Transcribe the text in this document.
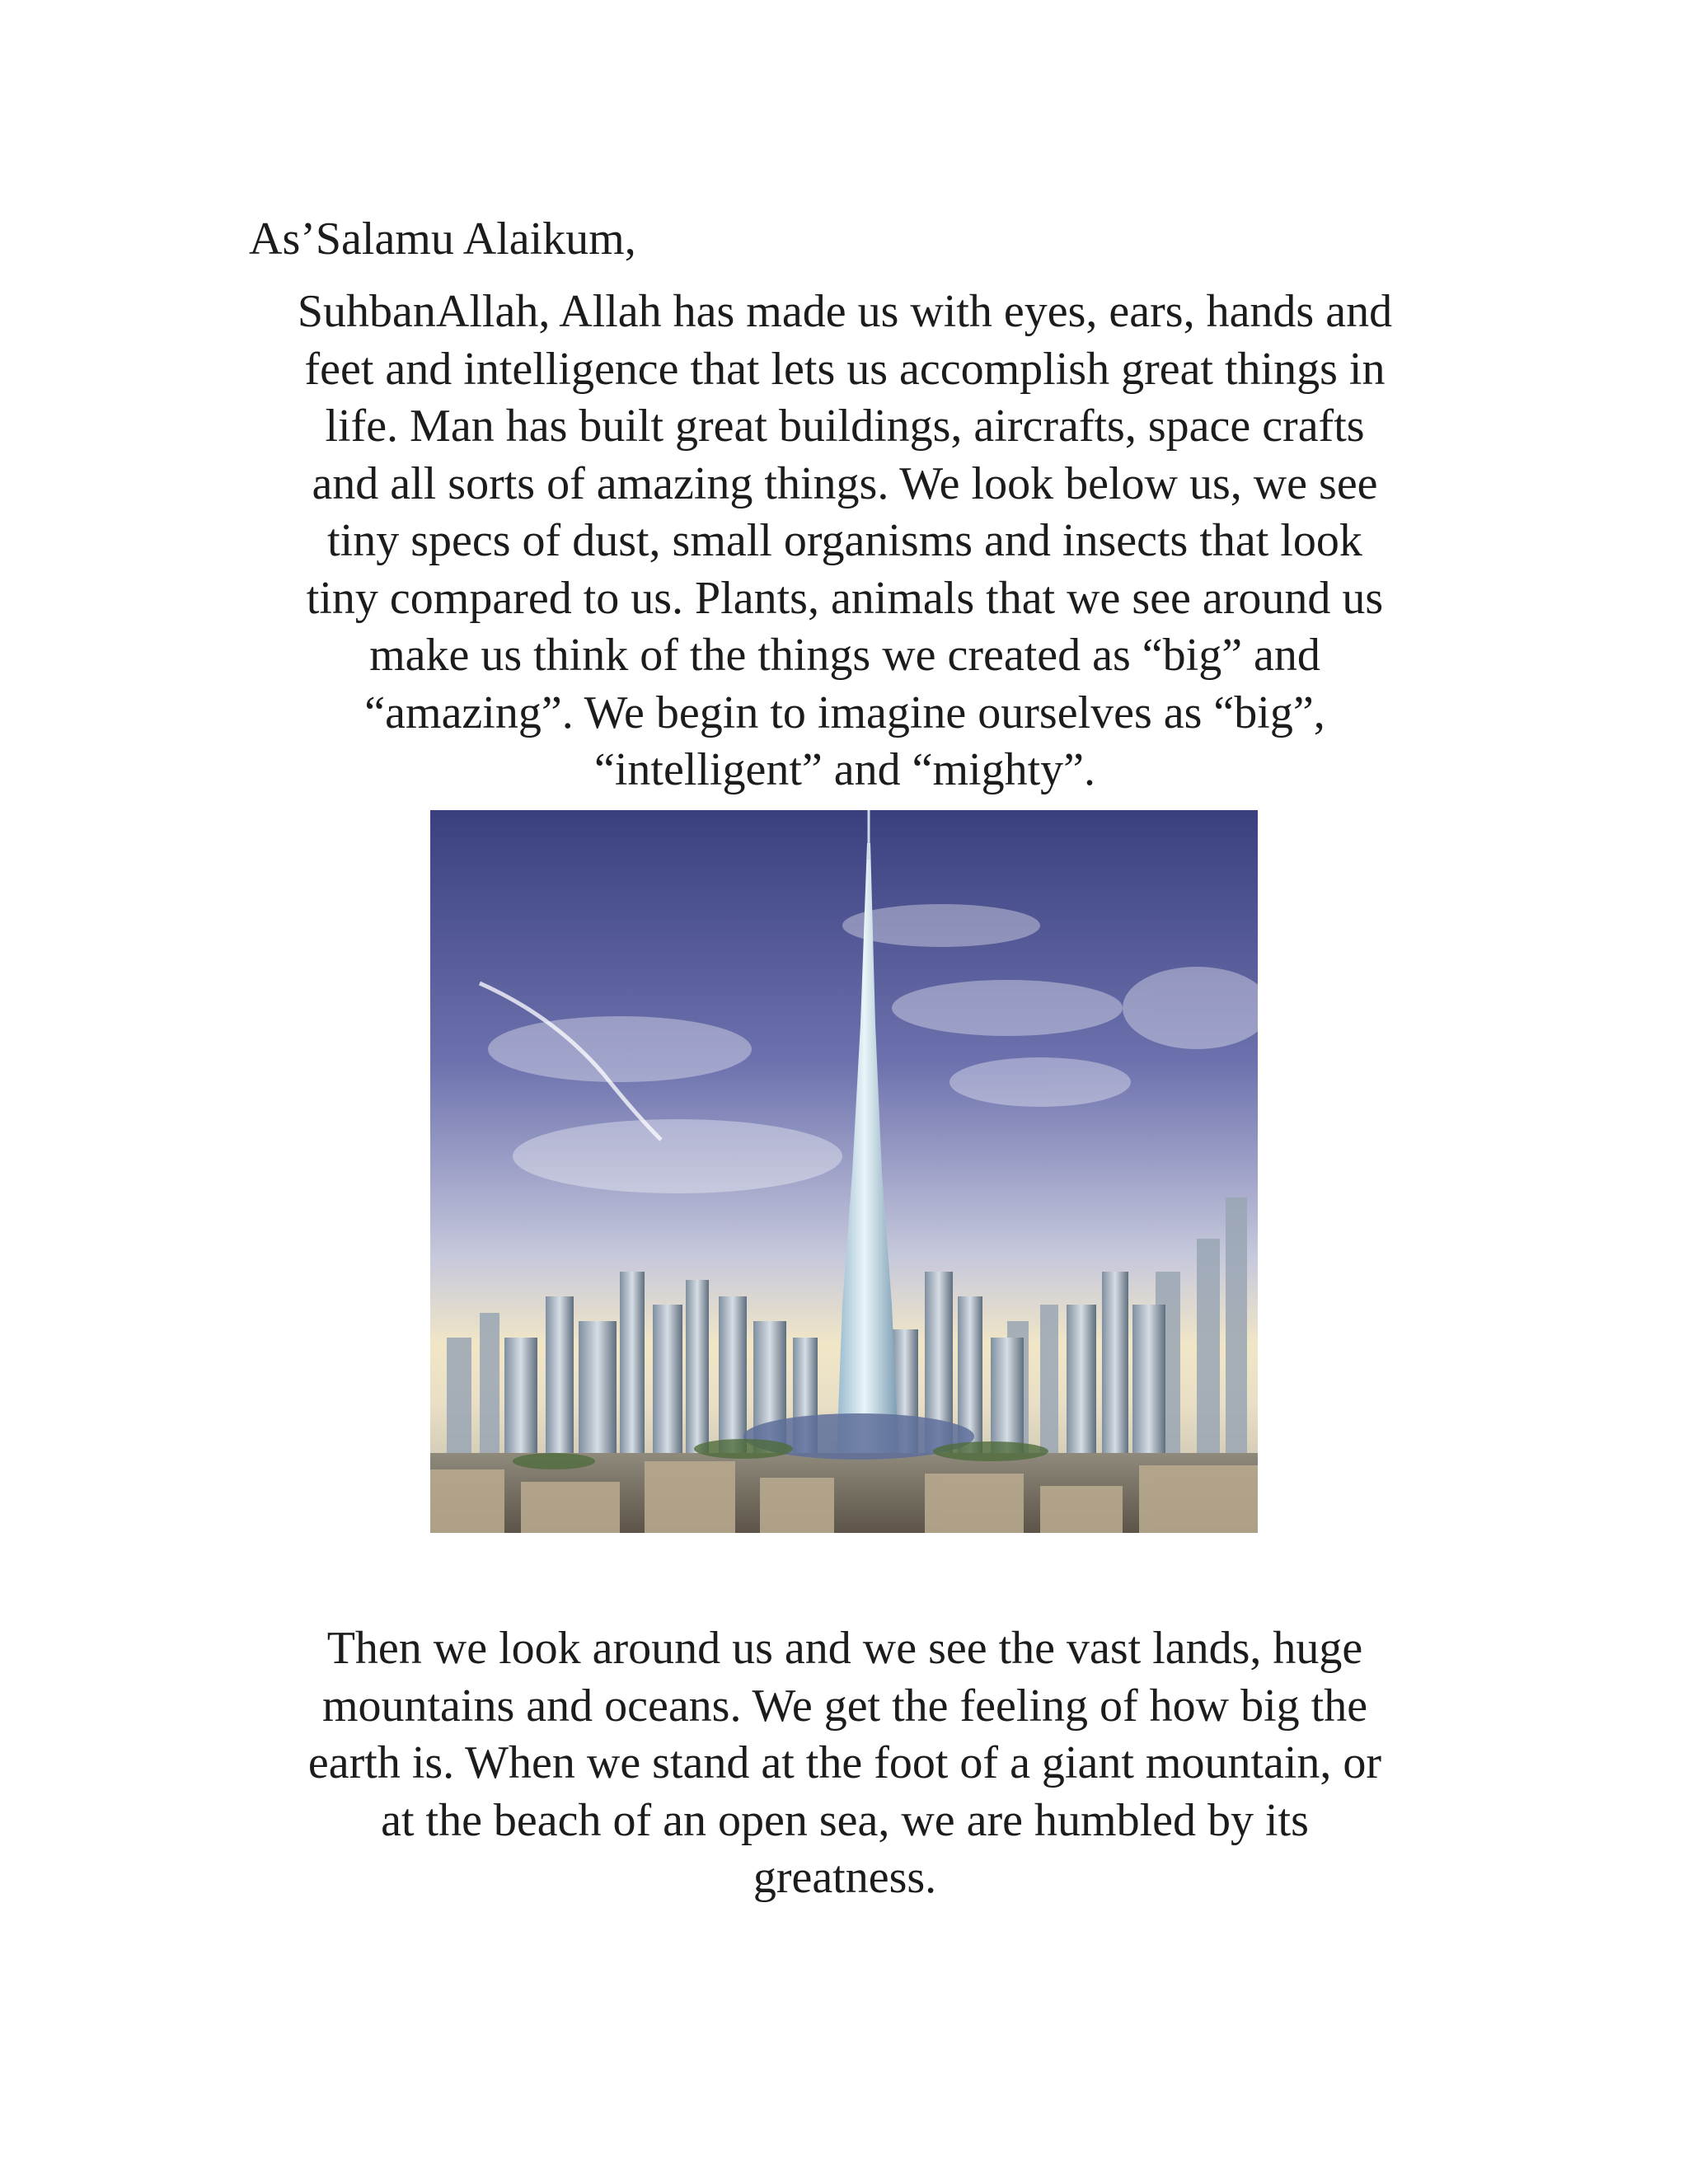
As’Salamu Alaikum,

SuhbanAllah, Allah has made us with eyes, ears, hands and
feet and intelligence that lets us accomplish great things in
life. Man has built great buildings, aircrafts, space crafts
and all sorts of amazing things. We look below us, we see
tiny specs of dust, small organisms and insects that look
tiny compared to us. Plants, animals that we see around us
make us think of the things we created as “big” and
“amazing”. We begin to imagine ourselves as “big”,
“intelligent” and “mighty”.

Then we look around us and we see the vast lands, huge
mountains and oceans. We get the feeling of how big the
earth is. When we stand at the foot of a giant mountain, or
at the beach of an open sea, we are humbled by its
greatness.
